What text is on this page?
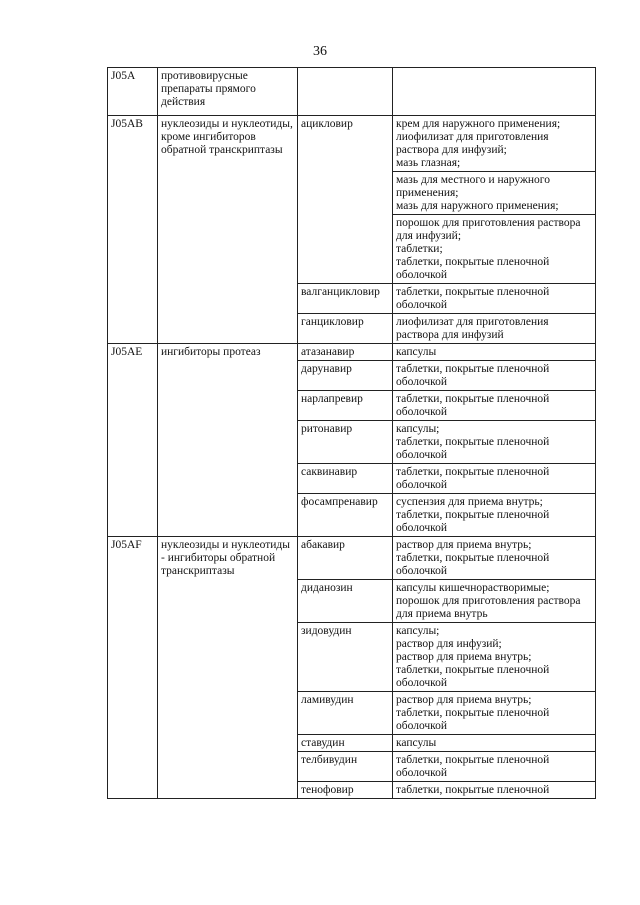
36
J05A	противовирусные препараты прямого действия		
J05AB	нуклеозиды и нуклеотиды, кроме ингибиторов обратной транскриптазы	ацикловир	крем для наружного применения;
лиофилизат для приготовления раствора для инфузий;
мазь глазная;

			мазь для местного и наружного применения;
мазь для наружного применения;

			порошок для приготовления раствора для инфузий;
таблетки;
таблетки, покрытые пленочной оболочкой

		валганцикловир	таблетки, покрытые пленочной оболочкой

		ганцикловир	лиофилизат для приготовления раствора для инфузий

J05AE	ингибиторы протеаз	атазанавир	капсулы

		дарунавир	таблетки, покрытые пленочной оболочкой

		нарлапревир	таблетки, покрытые пленочной оболочкой

		ритонавир	капсулы;
таблетки, покрытые пленочной оболочкой

		саквинавир	таблетки, покрытые пленочной оболочкой

		фосампренавир	суспензия для приема внутрь;
таблетки, покрытые пленочной оболочкой

J05AF	нуклеозиды и нуклеотиды - ингибиторы обратной транскриптазы	абакавир	раствор для приема внутрь;
таблетки, покрытые пленочной оболочкой

		диданозин	капсулы кишечнорастворимые;
порошок для приготовления раствора для приема внутрь

		зидовудин	капсулы;
раствор для инфузий;
раствор для приема внутрь;
таблетки, покрытые пленочной оболочкой

		ламивудин	раствор для приема внутрь;
таблетки, покрытые пленочной оболочкой

		ставудин	капсулы

		телбивудин	таблетки, покрытые пленочной оболочкой

		тенофовир	таблетки, покрытые пленочной
